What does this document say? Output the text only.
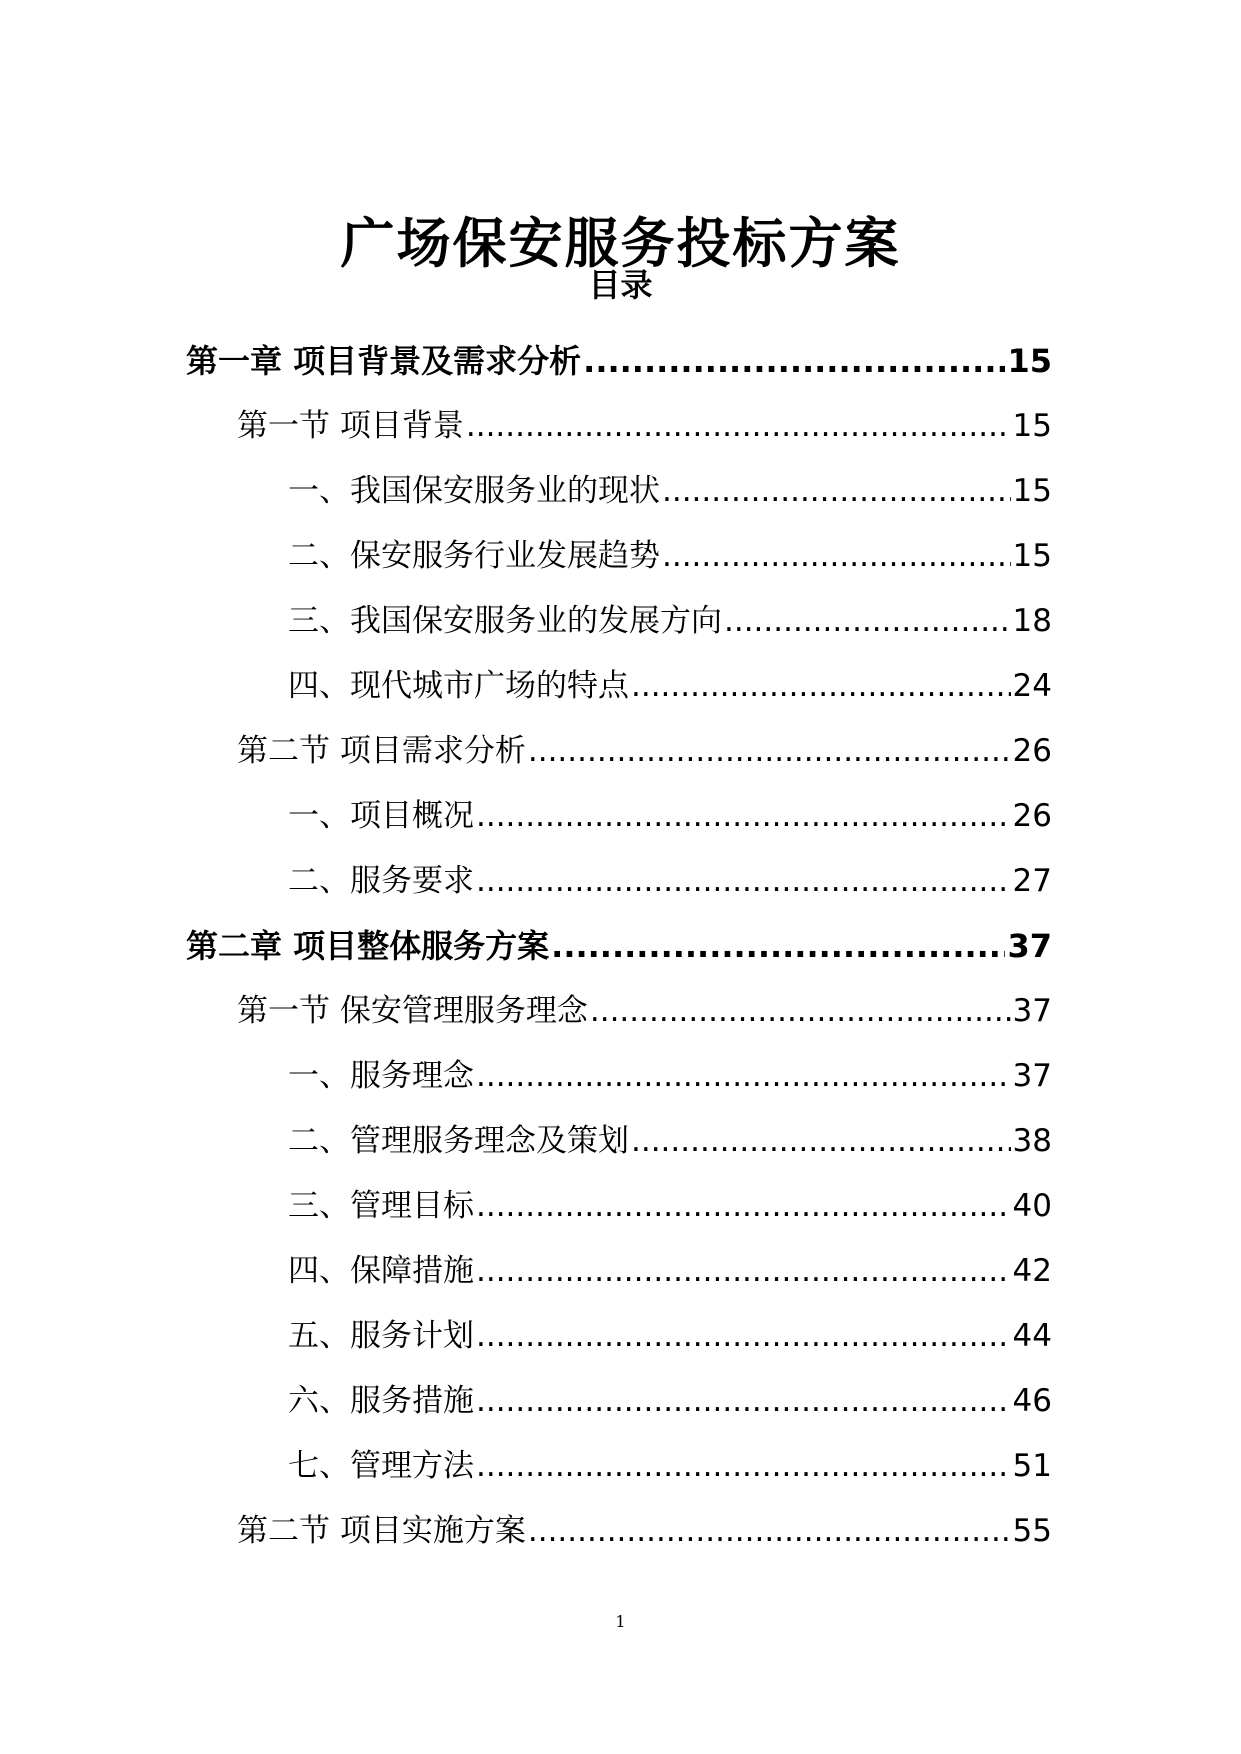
广场保安服务投标方案
目录
第一章 项目背景及需求分析 .....	15
第一节 项目背景 .....	15
一、我国保安服务业的现状 .....	15
二、保安服务行业发展趋势 .....	15
三、我国保安服务业的发展方向 .....	18
四、现代城市广场的特点 .....	24
第二节 项目需求分析 .....	26
一、项目概况 .....	26
二、服务要求 .....	27
第二章 项目整体服务方案 .....	37
第一节 保安管理服务理念 .....	37
一、服务理念 .....	37
二、管理服务理念及策划 .....	38
三、管理目标 .....	40
四、保障措施 .....	42
五、服务计划 .....	44
六、服务措施 .....	46
七、管理方法 .....	51
第二节 项目实施方案 .....	55
1
